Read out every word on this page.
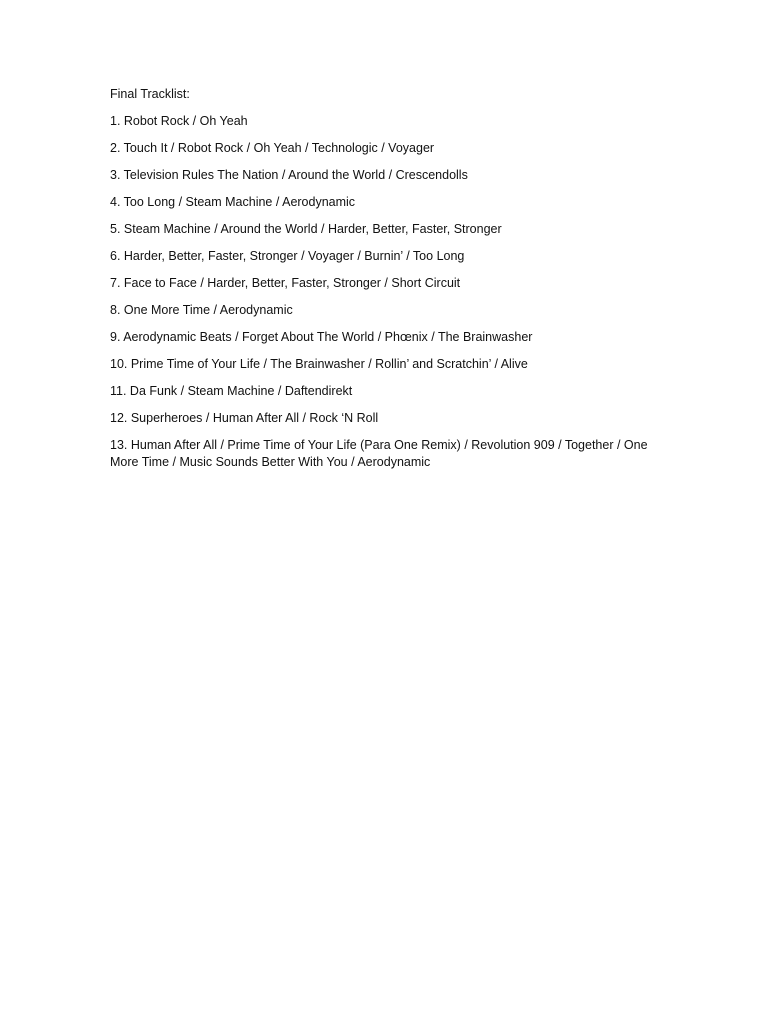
Final Tracklist:
1. Robot Rock / Oh Yeah
2. Touch It / Robot Rock / Oh Yeah / Technologic / Voyager
3. Television Rules The Nation / Around the World / Crescendolls
4. Too Long / Steam Machine / Aerodynamic
5. Steam Machine / Around the World / Harder, Better, Faster, Stronger
6. Harder, Better, Faster, Stronger / Voyager / Burnin’ / Too Long
7. Face to Face / Harder, Better, Faster, Stronger / Short Circuit
8. One More Time / Aerodynamic
9. Aerodynamic Beats / Forget About The World / Phœnix / The Brainwasher
10. Prime Time of Your Life / The Brainwasher / Rollin’ and Scratchin’ / Alive
11. Da Funk / Steam Machine / Daftendirekt
12. Superheroes / Human After All / Rock ‘N Roll
13. Human After All / Prime Time of Your Life (Para One Remix) / Revolution 909 / Together / One More Time / Music Sounds Better With You / Aerodynamic
